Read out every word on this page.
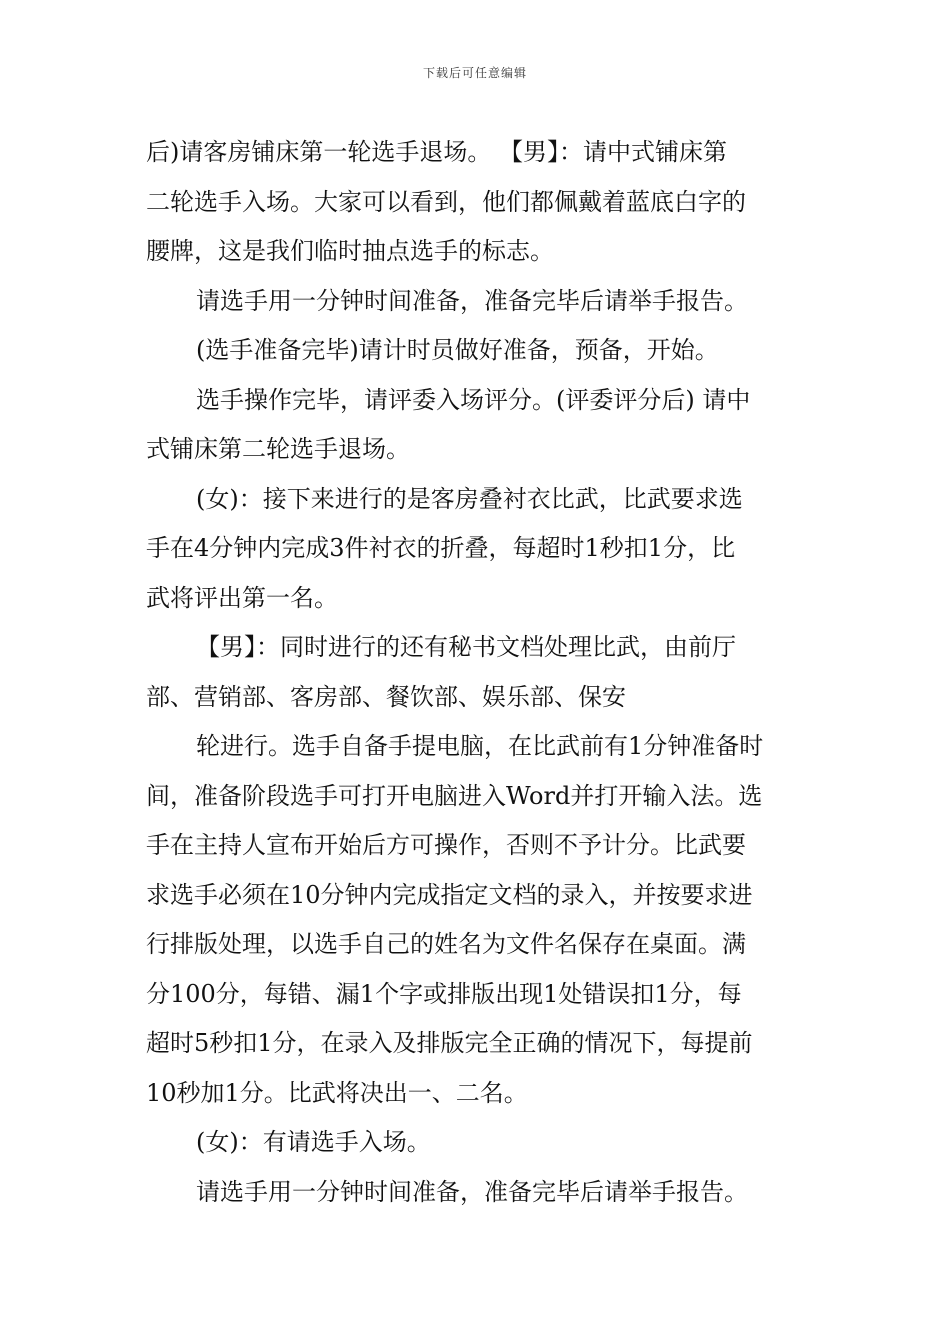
下载后可任意编辑
后)请客房铺床第一轮选手退场。 【男】：请中式铺床第
二轮选手入场。大家可以看到，他们都佩戴着蓝底白字的
腰牌，这是我们临时抽点选手的标志。
请选手用一分钟时间准备，准备完毕后请举手报告。
(选手准备完毕)请计时员做好准备，预备，开始。
选手操作完毕，请评委入场评分。(评委评分后) 请中
式铺床第二轮选手退场。
(女)：接下来进行的是客房叠衬衣比武，比武要求选
手在4分钟内完成3件衬衣的折叠，每超时1秒扣1分，比
武将评出第一名。
【男】：同时进行的还有秘书文档处理比武，由前厅
部、营销部、客房部、餐饮部、娱乐部、保安
轮进行。选手自备手提电脑，在比武前有1分钟准备时
间，准备阶段选手可打开电脑进入Word并打开输入法。选
手在主持人宣布开始后方可操作，否则不予计分。比武要
求选手必须在10分钟内完成指定文档的录入，并按要求进
行排版处理，以选手自己的姓名为文件名保存在桌面。满
分100分，每错、漏1个字或排版出现1处错误扣1分，每
超时5秒扣1分，在录入及排版完全正确的情况下，每提前
10秒加1分。比武将决出一、二名。
(女)：有请选手入场。
请选手用一分钟时间准备，准备完毕后请举手报告。
